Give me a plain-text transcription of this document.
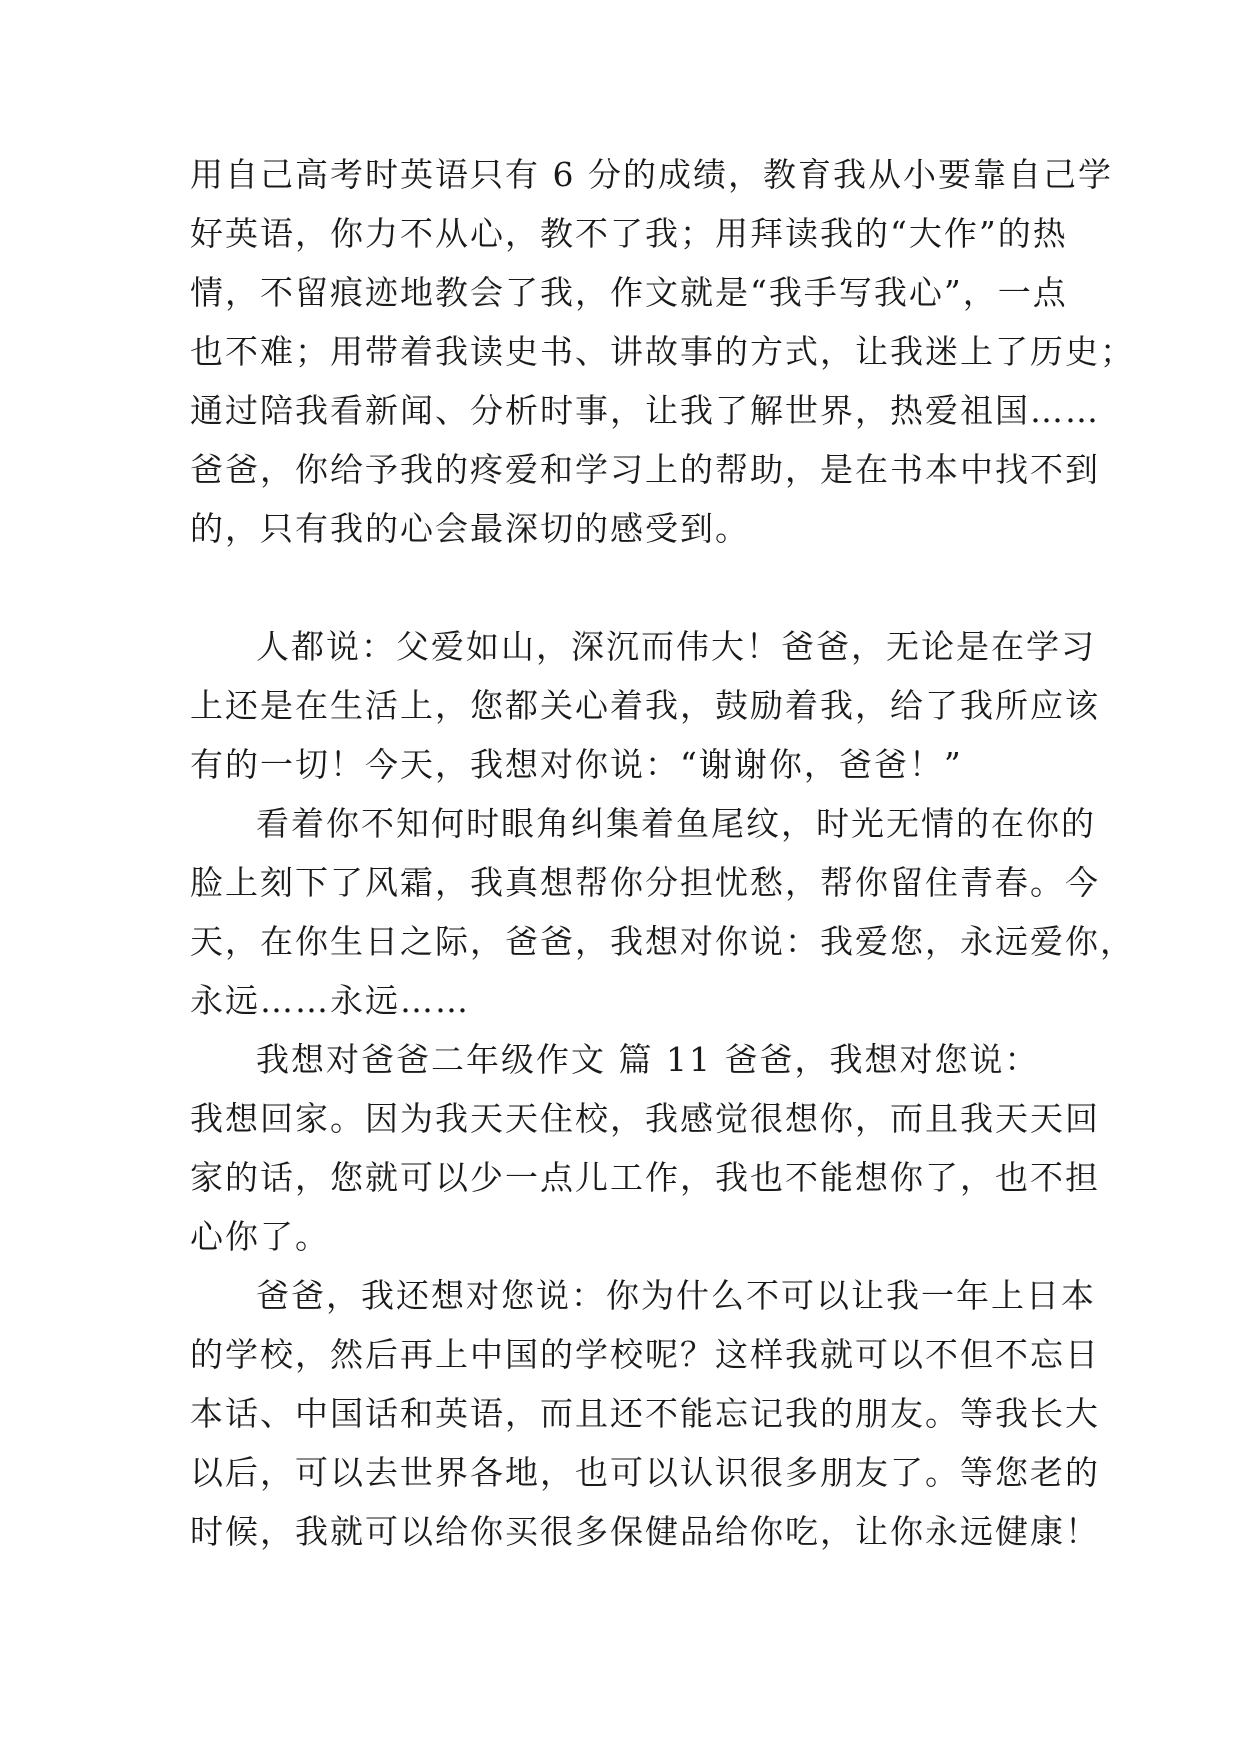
用自己高考时英语只有 6 分的成绩，教育我从小要靠自己学
好英语，你力不从心，教不了我；用拜读我的“大作”的热
情，不留痕迹地教会了我，作文就是“我手写我心”，一点
也不难；用带着我读史书、讲故事的方式，让我迷上了历史；
通过陪我看新闻、分析时事，让我了解世界，热爱祖国……
爸爸，你给予我的疼爱和学习上的帮助，是在书本中找不到
的，只有我的心会最深切的感受到。
人都说：父爱如山，深沉而伟大！爸爸，无论是在学习
上还是在生活上，您都关心着我，鼓励着我，给了我所应该
有的一切！今天，我想对你说：“谢谢你，爸爸！”
看着你不知何时眼角纠集着鱼尾纹，时光无情的在你的
脸上刻下了风霜，我真想帮你分担忧愁，帮你留住青春。今
天，在你生日之际，爸爸，我想对你说：我爱您，永远爱你，
永远……永远……
我想对爸爸二年级作文 篇 11 爸爸，我想对您说：
我想回家。因为我天天住校，我感觉很想你，而且我天天回
家的话，您就可以少一点儿工作，我也不能想你了，也不担
心你了。
爸爸，我还想对您说：你为什么不可以让我一年上日本
的学校，然后再上中国的学校呢？这样我就可以不但不忘日
本话、中国话和英语，而且还不能忘记我的朋友。等我长大
以后，可以去世界各地，也可以认识很多朋友了。等您老的
时候，我就可以给你买很多保健品给你吃，让你永远健康！
